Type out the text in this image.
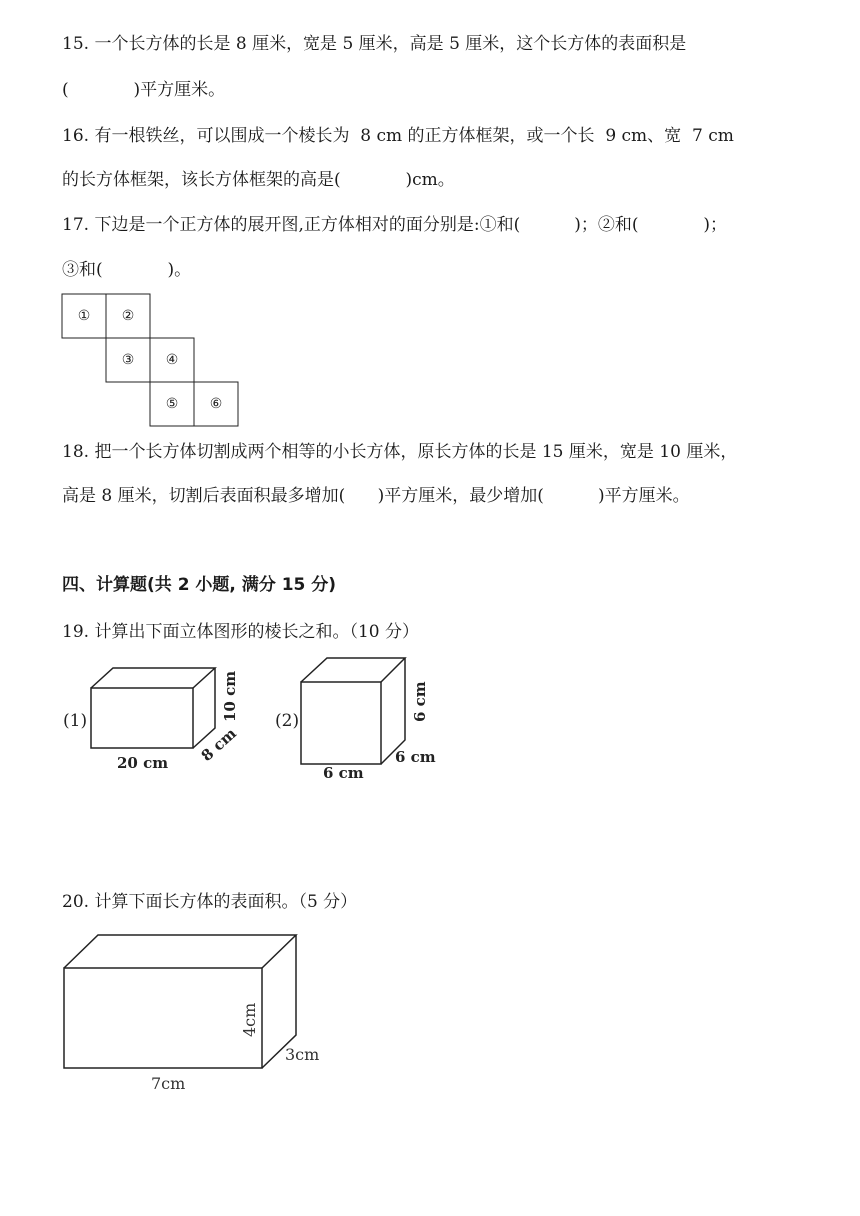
15. 一个长方体的长是 8 厘米，宽是 5 厘米，高是 5 厘米，这个长方体的表面积是
(            )平方厘米。
16. 有一根铁丝，可以围成一个棱长为  8 cm 的正方体框架，或一个长  9 cm、宽  7 cm
的长方体框架，该长方体框架的高是(            )cm。
17. 下边是一个正方体的展开图,正方体相对的面分别是:①和(          )；②和(            )；
③和(            )。
① ②
③ ④
⑤ ⑥
18. 把一个长方体切割成两个相等的小长方体，原长方体的长是 15 厘米，宽是 10 厘米，
高是 8 厘米，切割后表面积最多增加(      )平方厘米，最少增加(          )平方厘米。
四、计算题(共 2 小题, 满分 15 分)
19. 计算出下面立体图形的棱长之和。（10 分）
(1)
20 cm 8 cm
10 cm (2)
6 cm
6 cm
6 cm
20. 计算下面长方体的表面积。（5 分）
7cm
3cm
4cm
